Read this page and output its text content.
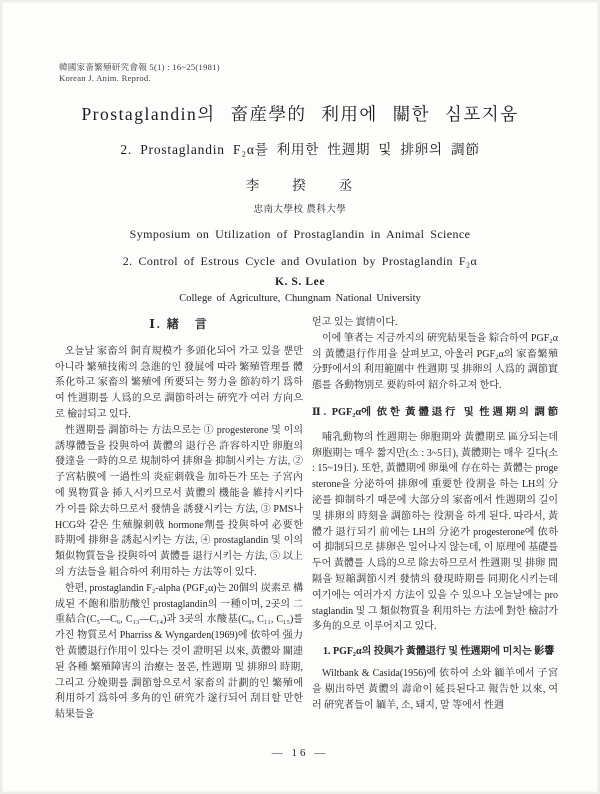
韓國家畜繁殖研究會報 5(1) : 16~25(1981)
Korean J. Anim. Reprod.
Prostaglandin의 畜産學的 利用에 關한 심포지움
2. Prostaglandin F₂α를 利用한 性週期 및 排卵의 調節
李　　揆　　丞
忠南大學校 農科大學
Symposium on Utilization of Prostaglandin in Animal Science
2. Control of Estrous Cycle and Ovulation by Prostaglandin F₂α
K. S. Lee
College of Agriculture, Chungnam National University
Ⅰ. 緖　言

오늘날 家畜의 飼育規模가 多頭化되어 가고 있을 뿐만 아니라 繁殖技術의 急進的인 發展에 따라 繁殖管理를 體系化하고 家畜의 繁殖에 所要되는 努力을 節約하기 爲하여 性週期를 人爲的으로 調節하려는 硏究가 여러 方向으로 檢討되고 있다.

性週期를 調節하는 方法으로는 ① progesterone 및 이의 誘導體들을 投與하여 黃體의 退行은 許容하지만 卵胞의 發達을 一時的으로 規制하여 排卵을 抑制시키는 方法, ② 子宮粘膜에 一過性의 炎症刺戟을 加하든가 또는 子宮內에 異物質을 揷入시키므로서 黃體의 機能을 維持시키다가 이를 除去하므로서 發情을 誘發시키는 方法, ③ PMS나 HCG와 같은 生殖腺刺戟 hormone劑를 投與하여 必要한 時期에 排卵을 誘起시키는 方法, ④ prostaglandin 및 이의 類似物質들을 投與하여 黃體를 退行시키는 方法, ⑤ 以上의 方法들을 組合하여 利用하는 方法等이 있다.

한편, prostaglandin F₂-alpha (PGF₂α)는 20個의 炭素로 構成된 不飽和脂肪酸인 prostaglandin의 一種이며, 2곳의 二重結合(C₅—C₆, C₁₃—C₁₄)과 3곳의 水酸基(C₉, C₁₁, C₁₅)를 가진 物質로서 Pharriss & Wyngarden(1969)에 依하여 强力한 黃體退行作用이 있다는 것이 證明된 以來, 黃體와 關連된 各種 繁殖障害의 治療는 물론, 性週期 및 排卵의 時期, 그리고 分娩期를 調節함으로서 家畜의 計劃的인 繁殖에 利用하기 爲하여 多角的인 硏究가 遂行되어 刮目할 만한 結果들을

얻고 있는 實情이다.

이에 筆者는 지금까지의 硏究結果들을 綜合하여 PGF₂α의 黃體退行作用을 살펴보고, 아울러 PGF₂α의 家畜繁殖分野에서의 利用範圍中 性週期 및 排卵의 人爲的 調節實態를 各動物別로 要約하여 紹介하고져 한다.

Ⅱ. PGF₂α에 依한 黃體退行 및 性週期의 調節

哺乳動物의 性週期는 卵胞期와 黃體期로 區分되는데 卵胞期는 매우 짧지만(소 : 3~5日), 黃體期는 매우 길다(소 : 15~19日). 또한, 黃體期에 卵巢에 存在하는 黃體는 progesterone을 分泌하여 排卵에 重要한 役割을 하는 LH의 分泌를 抑制하기 때문에 大部分의 家畜에서 性週期의 길이 및 排卵의 時刻을 調節하는 役割을 하게 된다. 따라서, 黃體가 退行되기 前에는 LH의 分泌가 progesterone에 依하여 抑制되므로 排卵은 일어나지 않는데, 이 原理에 基礎를 두어 黃體를 人爲的으로 除去하므로서 性週期 및 排卵 間隔을 短縮調節시켜 發情의 發現時期를 同期化시키는데 여기에는 여러가지 方法이 있을 수 있으나 오늘날에는 prostaglandin 및 그 類似物質을 利用하는 方法에 對한 檢討가 多角的으로 이루어지고 있다.

1. PGF₂α의 投與가 黃體退行 및 性週期에 미치는 影響

Wiltbank & Casida(1956)에 依하여 소와 緬羊에서 子宮을 剔出하면 黃體의 壽命이 延長된다고 報告한 以來, 여러 硏究者들이 緬羊, 소, 돼지, 말 等에서 性週

— 16 —
